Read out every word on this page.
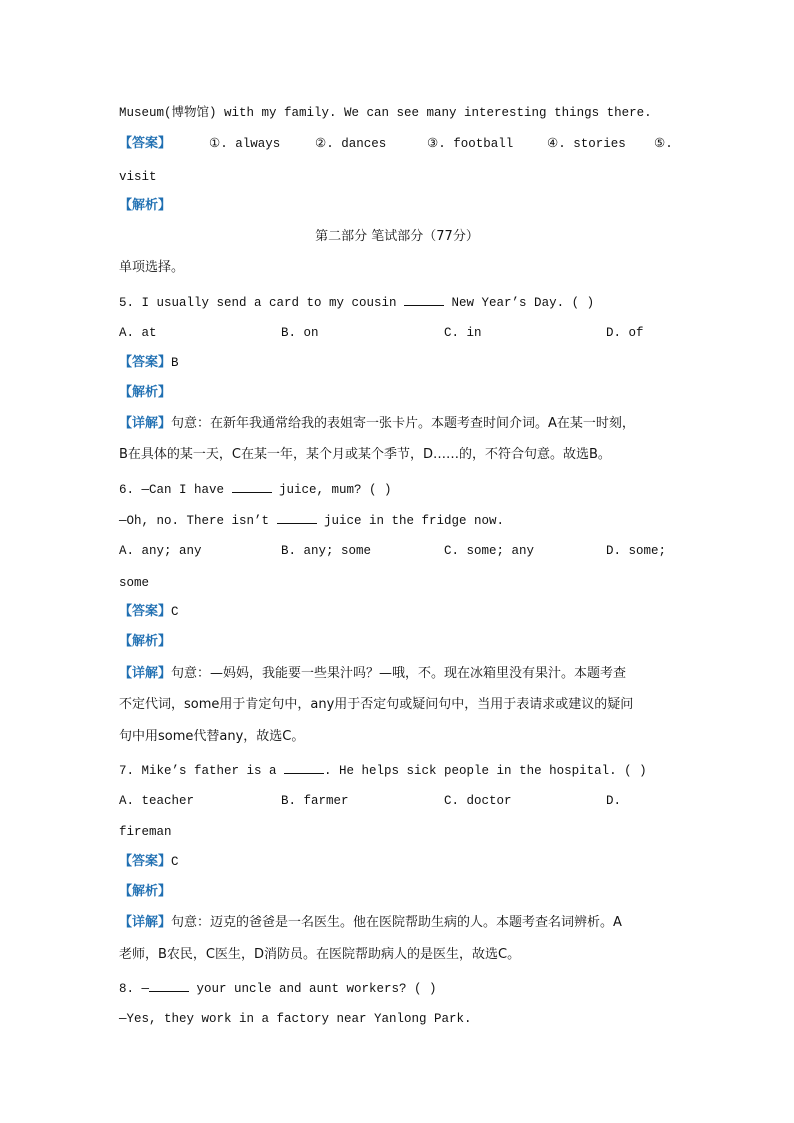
Museum(博物馆) with my family. We can see many interesting things there.
【答案】	①. always	②. dances	③. football	④. stories ⑤.
visit
【解析】
第二部分 笔试部分（77分）
单项选择。
5. I usually send a card to my cousin	New Year’s Day. ( )
A. at	B. on	C. in	D. of
【答案】B
【解析】
【详解】句意：在新年我通常给我的表姐寄一张卡片。本题考查时间介词。A在某一时刻，
B在具体的某一天，C在某一年，某个月或某个季节，D……的，不符合句意。故选B。
6. —Can I have	juice, mum? ( )
—Oh, no. There isn’t	juice in the fridge now.
A. any; any	B. any; some	C. some; any	D. some;
some
【答案】C
【解析】
【详解】句意：—妈妈，我能要一些果汁吗？—哦，不。现在冰箱里没有果汁。本题考查
不定代词，some用于肯定句中，any用于否定句或疑问句中，当用于表请求或建议的疑问
句中用some代替any，故选C。
7. Mike’s father is a	. He helps sick people in the hospital. ( )
A. teacher	B. farmer	C. doctor	D.
fireman
【答案】C
【解析】
【详解】句意：迈克的爸爸是一名医生。他在医院帮助生病的人。本题考查名词辨析。A
老师，B农民，C医生，D消防员。在医院帮助病人的是医生，故选C。
8. —	your uncle and aunt workers? ( )
—Yes, they work in a factory near Yanlong Park.
